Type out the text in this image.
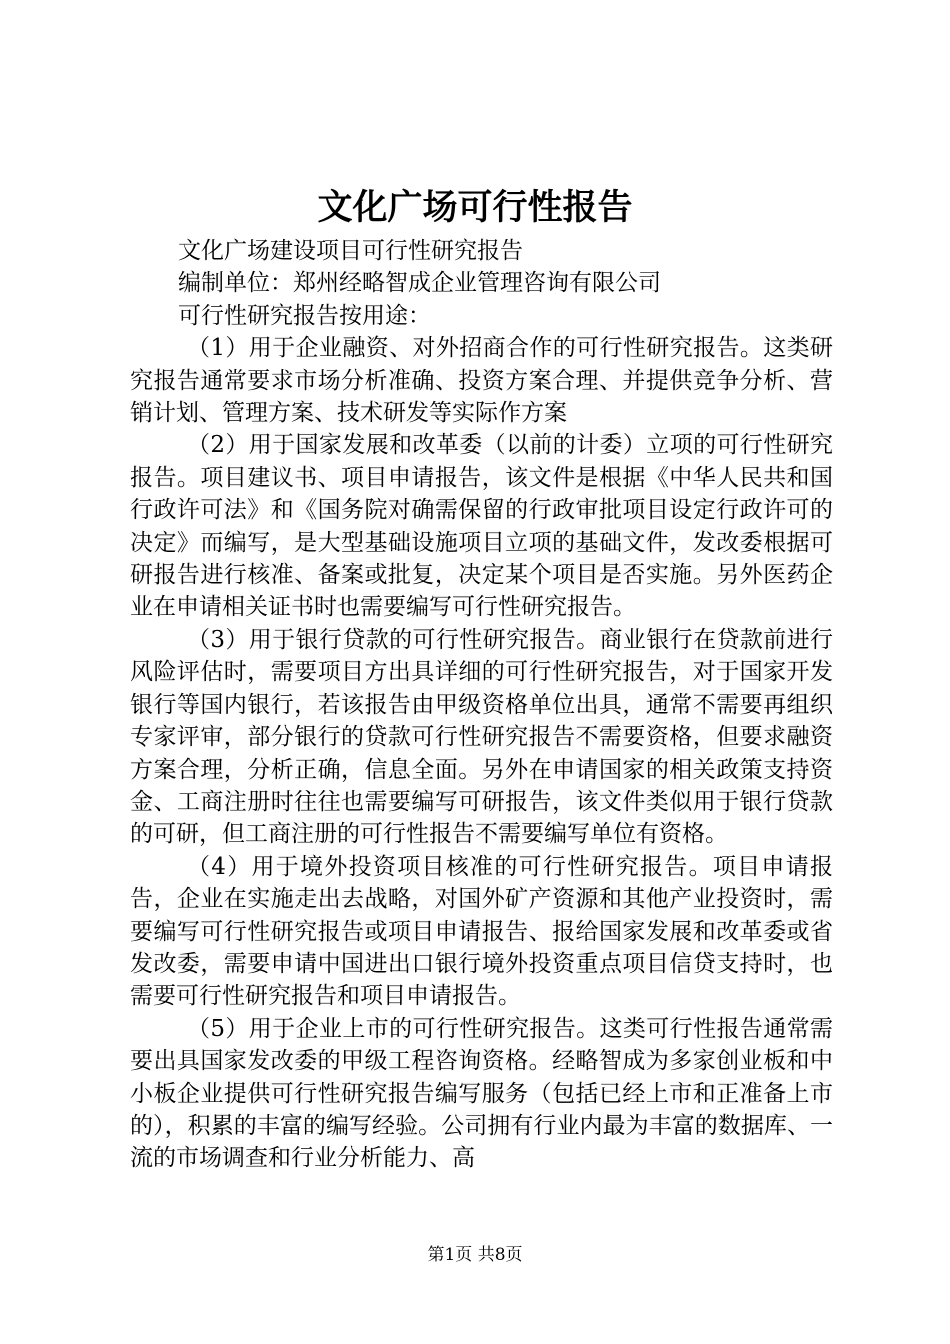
文化广场可行性报告

文化广场建设项目可行性研究报告

编制单位：郑州经略智成企业管理咨询有限公司

可行性研究报告按用途：

（1）用于企业融资、对外招商合作的可行性研究报告。这类研究报告通常要求市场分析准确、投资方案合理、并提供竞争分析、营销计划、管理方案、技术研发等实际作方案

（2）用于国家发展和改革委（以前的计委）立项的可行性研究报告。项目建议书、项目申请报告，该文件是根据《中华人民共和国行政许可法》和《国务院对确需保留的行政审批项目设定行政许可的决定》而编写，是大型基础设施项目立项的基础文件，发改委根据可研报告进行核准、备案或批复，决定某个项目是否实施。另外医药企业在申请相关证书时也需要编写可行性研究报告。

（3）用于银行贷款的可行性研究报告。商业银行在贷款前进行风险评估时，需要项目方出具详细的可行性研究报告，对于国家开发银行等国内银行，若该报告由甲级资格单位出具，通常不需要再组织专家评审，部分银行的贷款可行性研究报告不需要资格，但要求融资方案合理，分析正确，信息全面。另外在申请国家的相关政策支持资金、工商注册时往往也需要编写可研报告，该文件类似用于银行贷款的可研，但工商注册的可行性报告不需要编写单位有资格。

（4）用于境外投资项目核准的可行性研究报告。项目申请报告，企业在实施走出去战略，对国外矿产资源和其他产业投资时，需要编写可行性研究报告或项目申请报告、报给国家发展和改革委或省发改委，需要申请中国进出口银行境外投资重点项目信贷支持时，也需要可行性研究报告和项目申请报告。

（5）用于企业上市的可行性研究报告。这类可行性报告通常需要出具国家发改委的甲级工程咨询资格。经略智成为多家创业板和中小板企业提供可行性研究报告编写服务（包括已经上市和正准备上市的），积累的丰富的编写经验。公司拥有行业内最为丰富的数据库、一流的市场调查和行业分析能力、高

第1页 共8页
